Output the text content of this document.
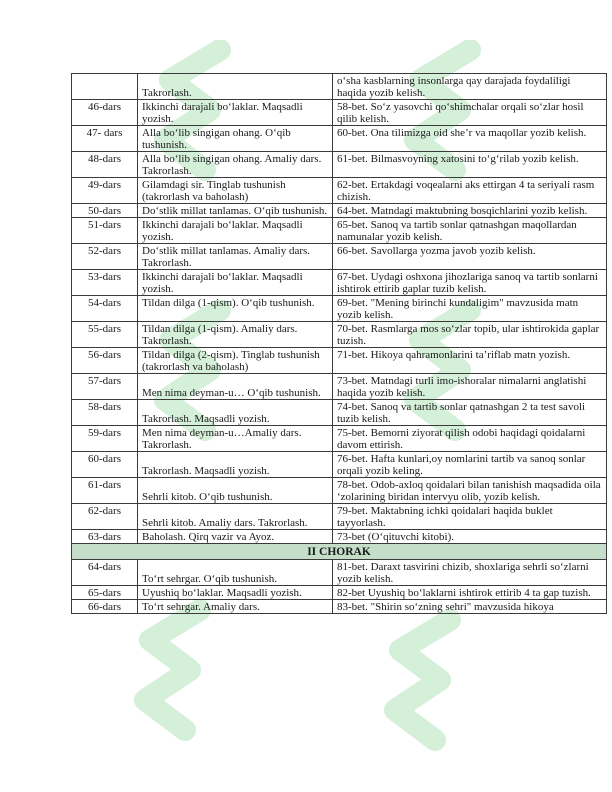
	Takrorlash.	o‘sha kasblarning insonlarga qay darajada foydaliligi haqida yozib kelish.
46-dars	Ikkinchi darajali bo‘laklar. Maqsadli yozish.	58-bet. So‘z yasovchi qo‘shimchalar orqali so‘zlar hosil qilib kelish.
47- dars	Alla bo‘lib singigan ohang. O‘qib tushunish.	60-bet. Ona tilimizga oid she’r va maqollar yozib kelish.
48-dars	Alla bo‘lib singigan ohang. Amaliy dars. Takrorlash.	61-bet. Bilmasvoyning xatosini to‘g‘rilab yozib kelish.
49-dars	Gilamdagi sir. Tinglab tushunish (takrorlash va baholash)	62-bet. Ertakdagi voqealarni aks ettirgan 4 ta seriyali rasm chizish.
50-dars	Do‘stlik millat tanlamas. O‘qib tushunish.	64-bet. Matndagi maktubning bosqichlarini yozib kelish.
51-dars	Ikkinchi darajali bo‘laklar. Maqsadli yozish.	65-bet. Sanoq va tartib sonlar qatnashgan maqollardan namunalar yozib kelish.
52-dars	Do‘stlik millat tanlamas. Amaliy dars. Takrorlash.	66-bet. Savollarga yozma javob yozib kelish.
53-dars	Ikkinchi darajali bo‘laklar. Maqsadli yozish.	67-bet. Uydagi oshxona jihozlariga sanoq va tartib sonlarni ishtirok ettirib gaplar tuzib kelish.
54-dars	Tildan dilga (1-qism). O‘qib tushunish.	69-bet. "Mening birinchi kundaligim" mavzusida matn yozib kelish.
55-dars	Tildan dilga (1-qism). Amaliy dars. Takrorlash.	70-bet. Rasmlarga mos so‘zlar topib, ular ishtirokida gaplar tuzish.
56-dars	Tildan dilga (2-qism). Tinglab tushunish (takrorlash va baholash)	71-bet. Hikoya qahramonlarini ta’riflab matn yozish.
57-dars	Men nima deyman-u… O‘qib tushunish.	73-bet. Matndagi turli imo-ishoralar nimalarni anglatishi haqida yozib kelish.
58-dars	Takrorlash. Maqsadli yozish.	74-bet. Sanoq va tartib sonlar qatnashgan 2 ta test savoli tuzib kelish.
59-dars	Men nima deyman-u…Amaliy dars. Takrorlash.	75-bet. Bemorni ziyorat qilish odobi haqidagi qoidalarni davom ettirish.
60-dars	Takrorlash. Maqsadli yozish.	76-bet. Hafta kunlari,oy nomlarini tartib va sanoq sonlar orqali yozib keling.
61-dars	Sehrli kitob. O‘qib tushunish.	78-bet. Odob-axloq qoidalari bilan tanishish maqsadida oila ‘zolarining biridan intervyu olib, yozib kelish.
62-dars	Sehrli kitob. Amaliy dars. Takrorlash.	79-bet. Maktabning ichki qoidalari haqida buklet tayyorlash.
63-dars	Baholash. Qirq vazir va Ayoz.	73-bet (O‘qituvchi kitobi).
II CHORAK		
64-dars	To‘rt sehrgar. O‘qib tushunish.	81-bet. Daraxt tasvirini chizib, shoxlariga sehrli so‘zlarni yozib kelish.
65-dars	Uyushiq bo‘laklar. Maqsadli yozish.	82-bet Uyushiq bo‘laklarni ishtirok ettirib 4 ta gap tuzish.
66-dars	To‘rt sehrgar. Amaliy dars.	83-bet. "Shirin so‘zning sehri" mavzusida hikoya
